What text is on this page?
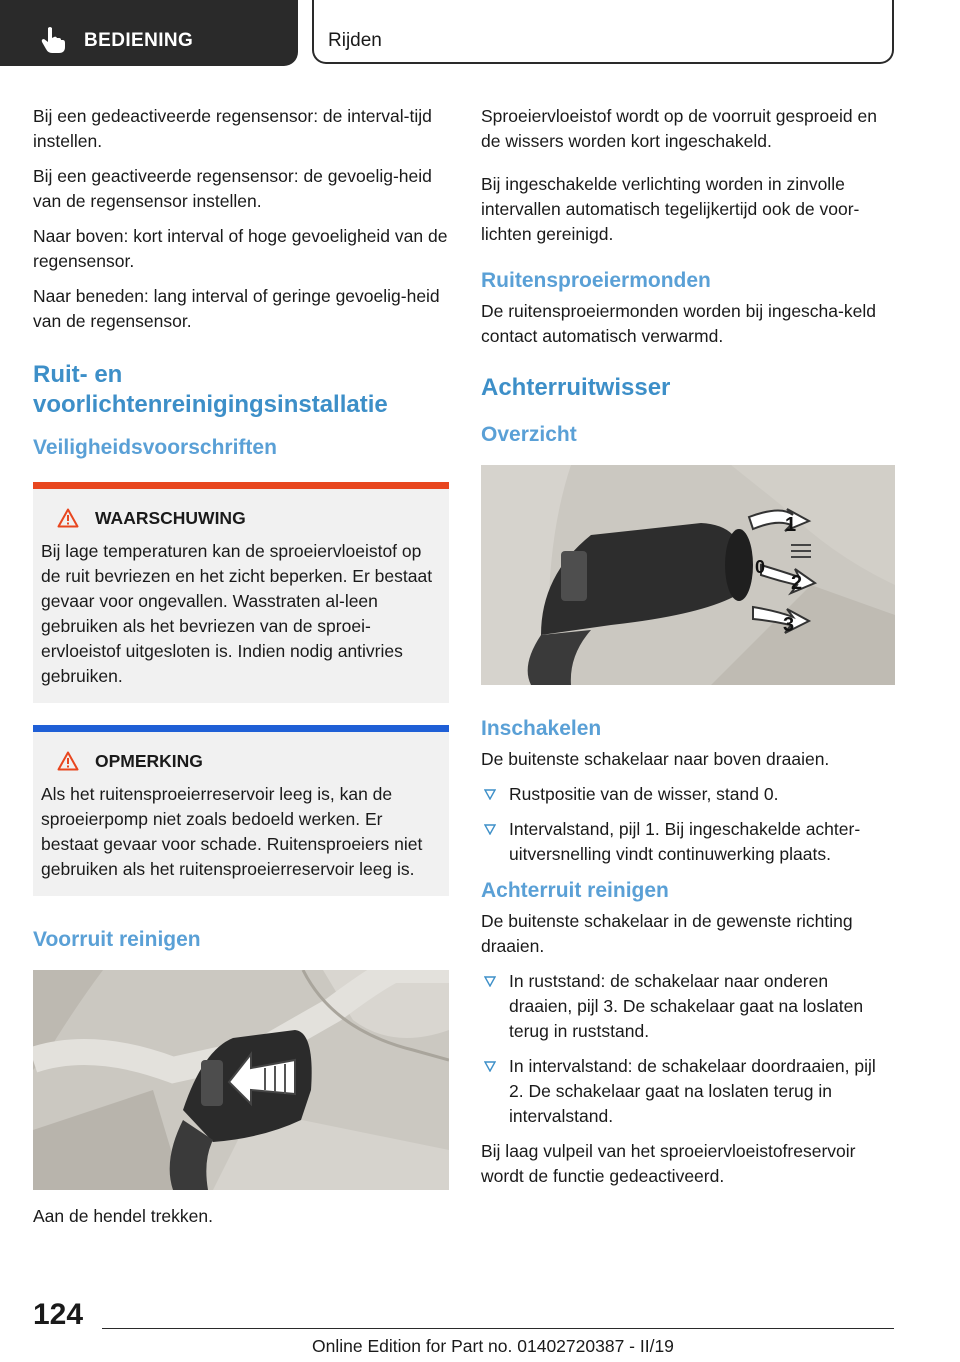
BEDIENING	Rijden

Bij een gedeactiveerde regensensor: de interval‐tijd instellen.

Bij een geactiveerde regensensor: de gevoelig‐heid van de regensensor instellen.

Naar boven: kort interval of hoge gevoeligheid van de regensensor.

Naar beneden: lang interval of geringe gevoelig‐heid van de regensensor.

Ruit- en voorlichtenreinigingsinstallatie
Veiligheidsvoorschriften
WAARSCHUWING

Bij lage temperaturen kan de sproeiervloeistof op de ruit bevriezen en het zicht beperken. Er bestaat gevaar voor ongevallen. Wasstraten al‐leen gebruiken als het bevriezen van de sproei‐ervloeistof uitgesloten is. Indien nodig antivries gebruiken.

OPMERKING

Als het ruitensproeierreservoir leeg is, kan de sproeierpomp niet zoals bedoeld werken. Er bestaat gevaar voor schade. Ruitensproeiers niet gebruiken als het ruitensproeierreservoir leeg is.

Voorruit reinigen

Aan de hendel trekken.

Sproeiervloeistof wordt op de voorruit gesproeid en de wissers worden kort ingeschakeld.

Bij ingeschakelde verlichting worden in zinvolle intervallen automatisch tegelijkertijd ook de voor‐lichten gereinigd.

Ruitensproeiermonden

De ruitensproeiermonden worden bij ingescha‐keld contact automatisch verwarmd.

Achterruitwisser
Overzicht
0
1
2
3
Inschakelen

De buitenste schakelaar naar boven draaien.

Rustpositie van de wisser, stand 0.
Intervalstand, pijl 1. Bij ingeschakelde achter‐uitversnelling vindt continuwerking plaats.
Achterruit reinigen

De buitenste schakelaar in de gewenste richting draaien.

In ruststand: de schakelaar naar onderen draaien, pijl 3. De schakelaar gaat na loslaten terug in ruststand.
In intervalstand: de schakelaar doordraaien, pijl 2. De schakelaar gaat na loslaten terug in intervalstand.

Bij laag vulpeil van het sproeiervloeistofreservoir wordt de functie gedeactiveerd.

124
Online Edition for Part no. 01402720387 - II/19
